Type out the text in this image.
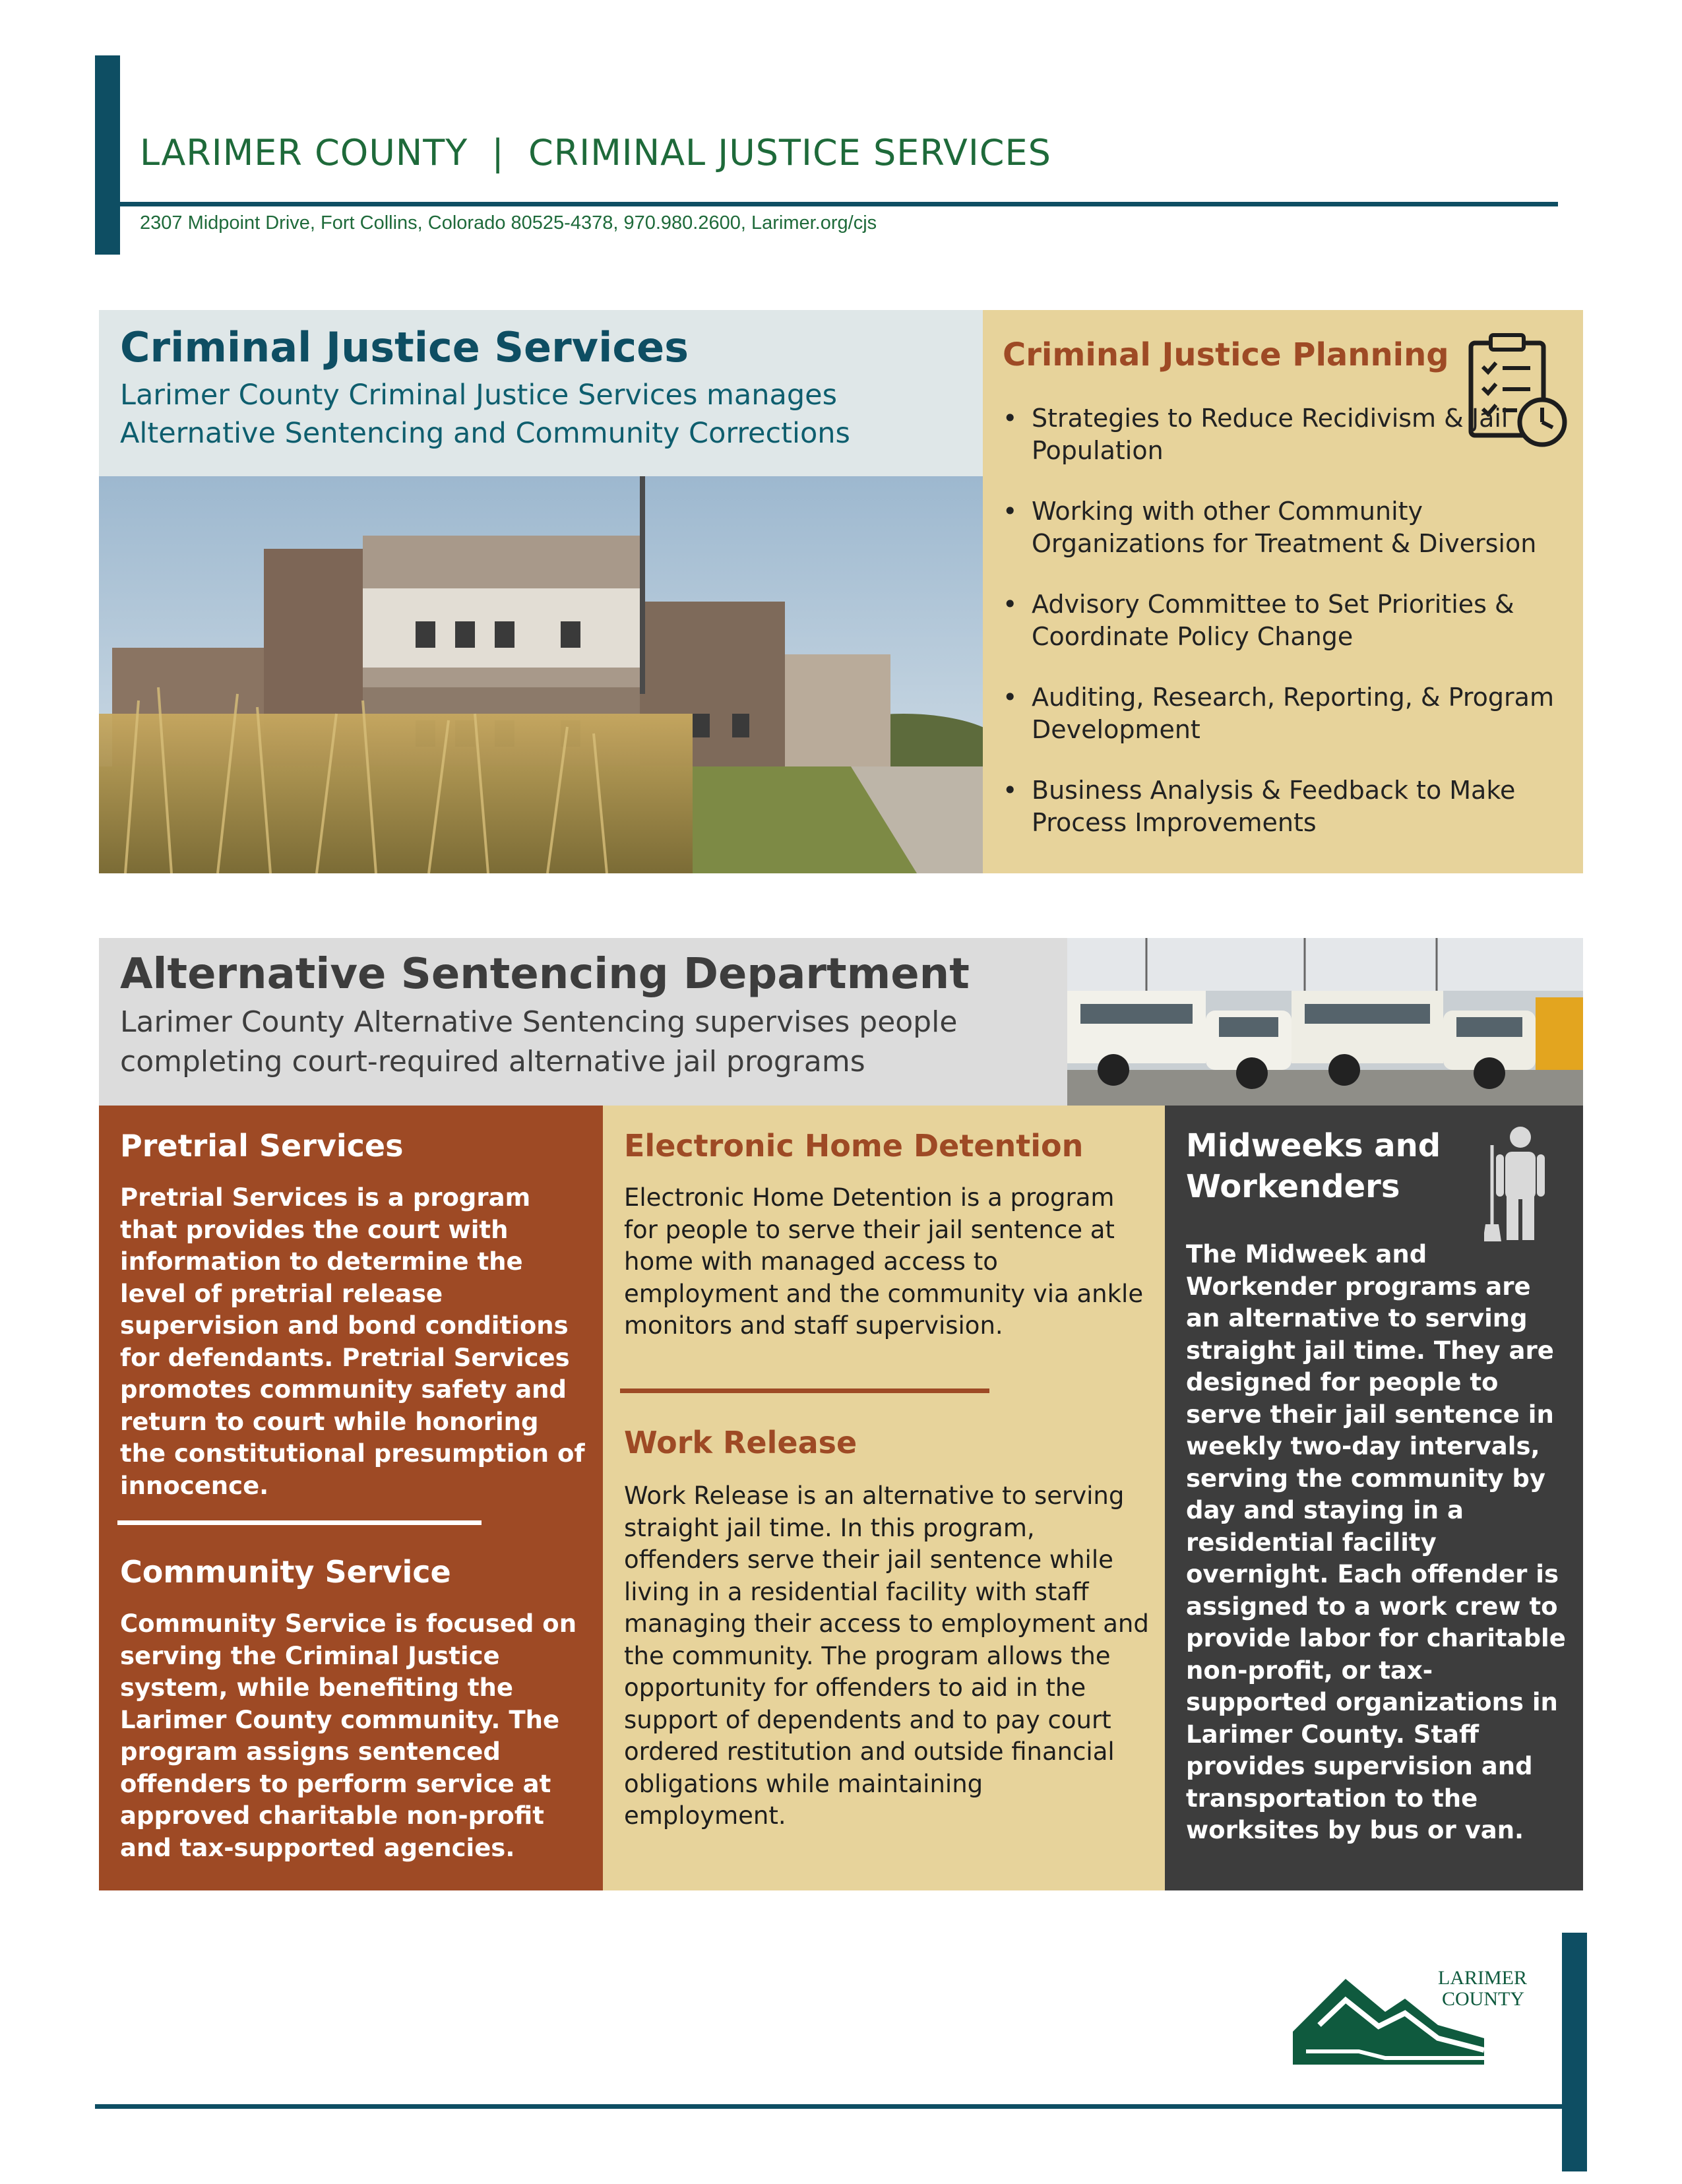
LARIMER COUNTY  |  CRIMINAL JUSTICE SERVICES
2307 Midpoint Drive, Fort Collins, Colorado 80525-4378, 970.980.2600, Larimer.org/cjs
Criminal Justice Services
Larimer County Criminal Justice Services manages Alternative Sentencing and Community Corrections
Criminal Justice Planning
• Strategies to Reduce Recidivism & Jail Population
• Working with other Community Organizations for Treatment & Diversion
• Advisory Committee to Set Priorities & Coordinate Policy Change
• Auditing, Research, Reporting, & Program Development
• Business Analysis & Feedback to Make Process Improvements
Alternative Sentencing Department
Larimer County Alternative Sentencing supervises people completing court-required alternative jail programs
Pretrial Services
Pretrial Services is a program that provides the court with information to determine the level of pretrial release supervision and bond conditions for defendants. Pretrial Services promotes community safety and return to court while honoring the constitutional presumption of innocence.
Community Service
Community Service is focused on serving the Criminal Justice system, while benefiting the Larimer County community. The program assigns sentenced offenders to perform service at approved charitable non-profit and tax-supported agencies.
Electronic Home Detention
Electronic Home Detention is a program for people to serve their jail sentence at home with managed access to employment and the community via ankle monitors and staff supervision.
Work Release
Work Release is an alternative to serving straight jail time. In this program, offenders serve their jail sentence while living in a residential facility with staff managing their access to employment and the community. The program allows the opportunity for offenders to aid in the support of dependents and to pay court ordered restitution and outside financial obligations while maintaining employment.
Midweeks and Workenders
The Midweek and Workender programs are an alternative to serving straight jail time. They are designed for people to serve their jail sentence in weekly two-day intervals, serving the community by day and staying in a residential facility overnight. Each offender is assigned to a work crew to provide labor for charitable non-profit, or tax-supported organizations in Larimer County. Staff provides supervision and transportation to the worksites by bus or van.
LARIMER
COUNTY
